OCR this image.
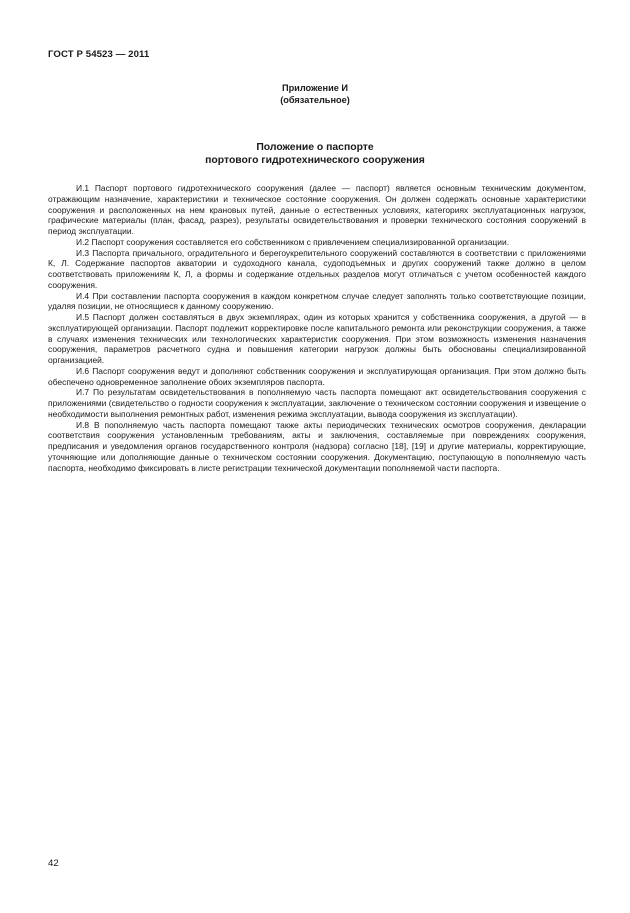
ГОСТ Р 54523 — 2011
Приложение И
(обязательное)
Положение о паспорте
портового гидротехнического сооружения

И.1 Паспорт портового гидротехнического сооружения (далее — паспорт) является основным техническим документом, отражающим назначение, характеристики и техническое состояние сооружения. Он должен содержать основные характеристики сооружения и расположенных на нем крановых путей, данные о естественных условиях, категориях эксплуатационных нагрузок, графические материалы (план, фасад, разрез), результаты освидетельствования и проверки технического состояния сооружений в период эксплуатации.

И.2 Паспорт сооружения составляется его собственником с привлечением специализированной организации.

И.3 Паспорта причального, оградительного и берегоукрепительного сооружений составляются в соответствии с приложениями К, Л. Содержание паспортов акватории и судоходного канала, судоподъемных и других сооружений также должно в целом соответствовать приложениям К, Л, а формы и содержание отдельных разделов могут отличаться с учетом особенностей каждого сооружения.

И.4 При составлении паспорта сооружения в каждом конкретном случае следует заполнять только соответствующие позиции, удаляя позиции, не относящиеся к данному сооружению.

И.5 Паспорт должен составляться в двух экземплярах, один из которых хранится у собственника сооружения, а другой — в эксплуатирующей организации. Паспорт подлежит корректировке после капитального ремонта или реконструкции сооружения, а также в случаях изменения технических или технологических характеристик сооружения. При этом возможность изменения назначения сооружения, параметров расчетного судна и повышения категории нагрузок должны быть обоснованы специализированной организацией.

И.6 Паспорт сооружения ведут и дополняют собственник сооружения и эксплуатирующая организация. При этом должно быть обеспечено одновременное заполнение обоих экземпляров паспорта.

И.7 По результатам освидетельствования в пополняемую часть паспорта помещают акт освидетельствования сооружения с приложениями (свидетельство о годности сооружения к эксплуатации, заключение о техническом состоянии сооружения и извещение о необходимости выполнения ремонтных работ, изменения режима эксплуатации, вывода сооружения из эксплуатации).

И.8 В пополняемую часть паспорта помещают также акты периодических технических осмотров сооружения, декларации соответствия сооружения установленным требованиям, акты и заключения, составляемые при повреждениях сооружения, предписания и уведомления органов государственного контроля (надзора) согласно [18], [19] и другие материалы, корректирующие, уточняющие или дополняющие данные о техническом состоянии сооружения. Документацию, поступающую в пополняемую часть паспорта, необходимо фиксировать в листе регистрации технической документации пополняемой части паспорта.

42
